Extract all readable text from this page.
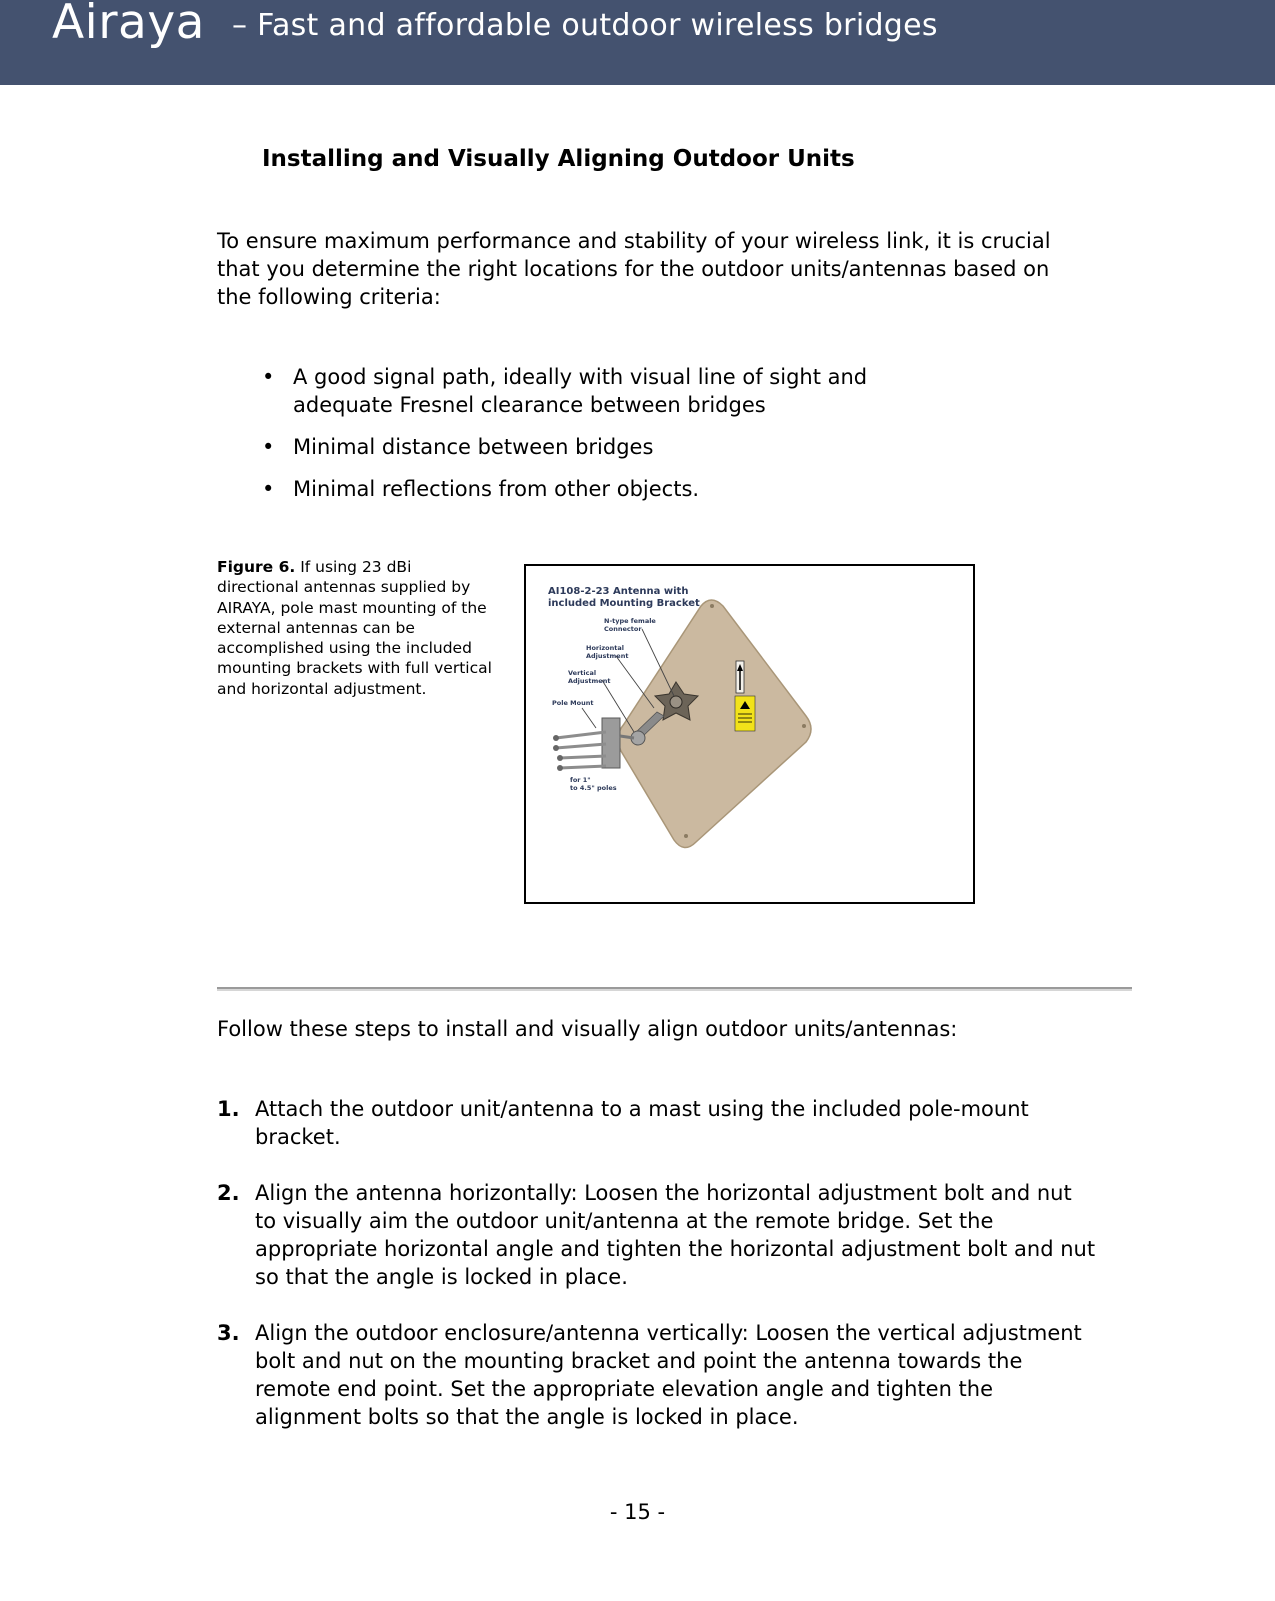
Airaya – Fast and affordable outdoor wireless bridges
Installing and Visually Aligning Outdoor Units

To ensure maximum performance and stability of your wireless link, it is crucial that you determine the right locations for the outdoor units/antennas based on the following criteria:

• A good signal path, ideally with visual line of sight and adequate Fresnel clearance between bridges
• Minimal distance between bridges
• Minimal reflections from other objects.

Figure 6. If using 23 dBi directional antennas supplied by AIRAYA, pole mast mounting of the external antennas can be accomplished using the included mounting brackets with full vertical and horizontal adjustment.

AI108-2-23 Antenna with
included Mounting Bracket
N-type female
Connector
Horizontal
Adjustment
Vertical
Adjustment
Pole Mount
for 1"
to 4.5" poles

Follow these steps to install and visually align outdoor units/antennas:

1. Attach the outdoor unit/antenna to a mast using the included pole-mount bracket.
2. Align the antenna horizontally: Loosen the horizontal adjustment bolt and nut to visually aim the outdoor unit/antenna at the remote bridge. Set the appropriate horizontal angle and tighten the horizontal adjustment bolt and nut so that the angle is locked in place.
3. Align the outdoor enclosure/antenna vertically: Loosen the vertical adjustment bolt and nut on the mounting bracket and point the antenna towards the remote end point. Set the appropriate elevation angle and tighten the alignment bolts so that the angle is locked in place.
- 15 -
